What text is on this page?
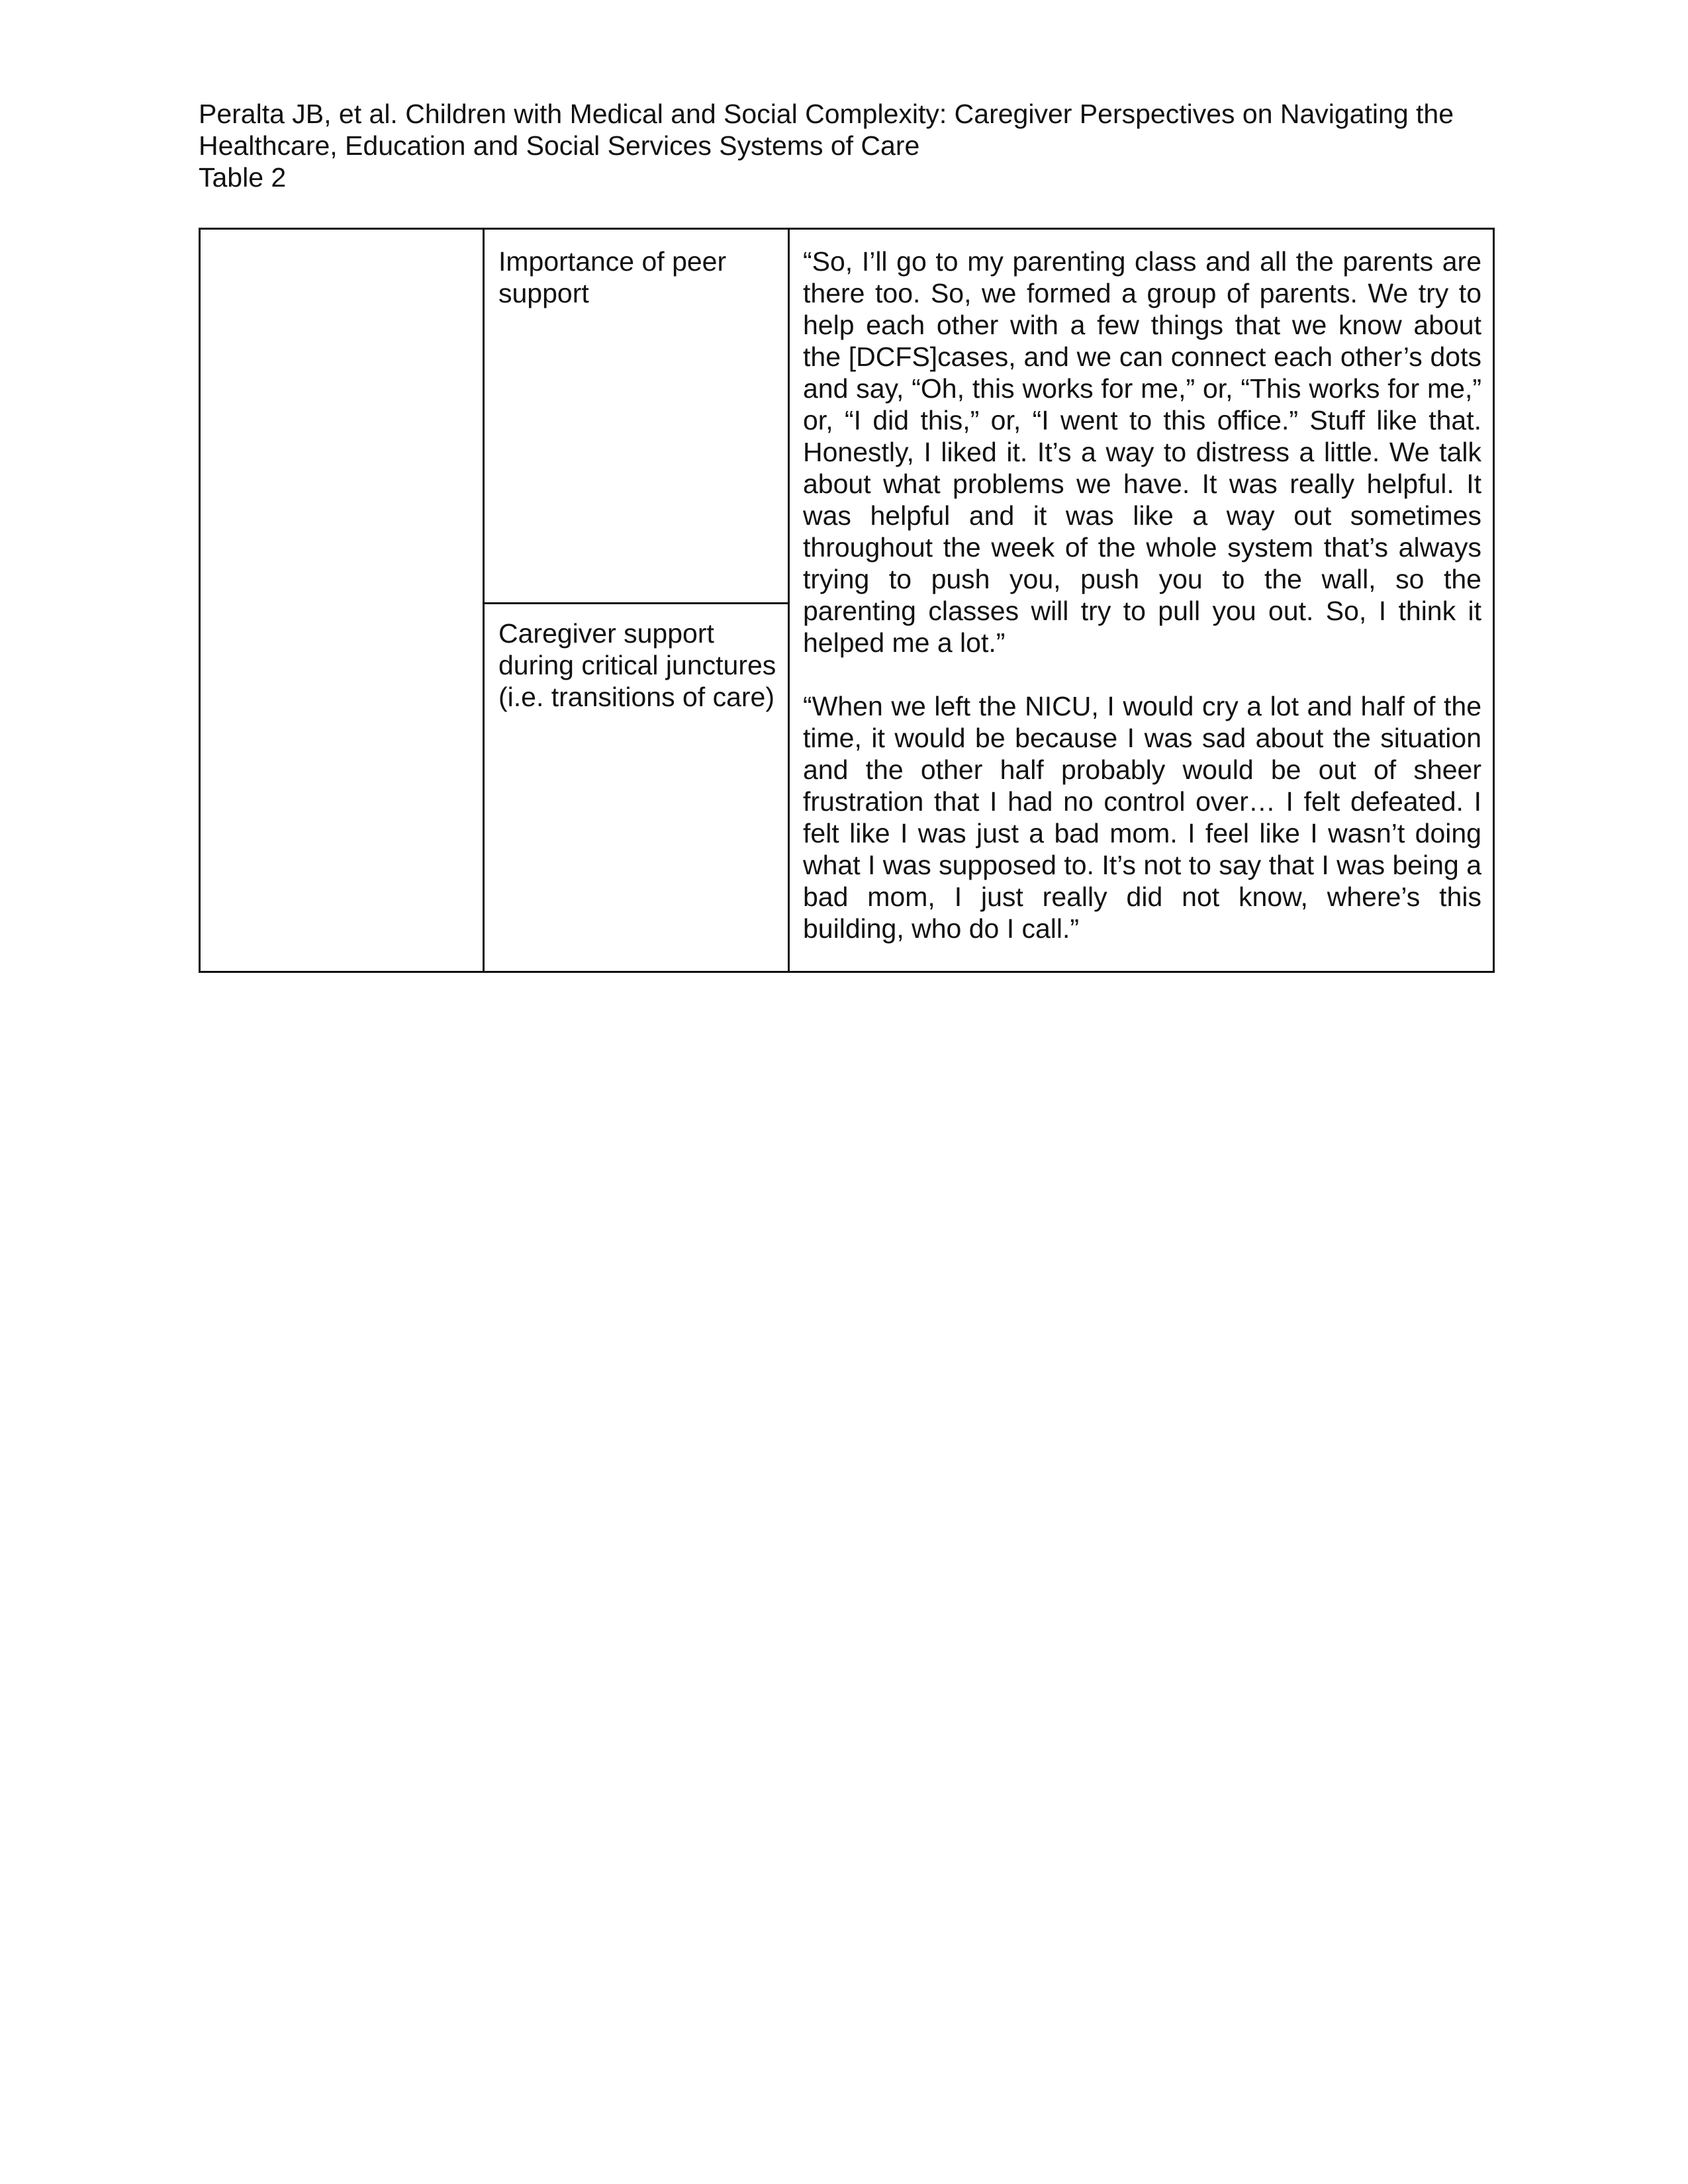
Peralta JB, et al. Children with Medical and Social Complexity: Caregiver Perspectives on Navigating the
Healthcare, Education and Social Services Systems of Care
Table 2
Importance of peer support
Caregiver support during critical junctures (i.e. transitions of care)

“So, I’ll go to my parenting class and all the parents are there too. So, we formed a group of parents. We try to help each other with a few things that we know about the [DCFS]cases, and we can connect each other’s dots and say, “Oh, this works for me,” or, “This works for me,” or, “I did this,” or, “I went to this office.” Stuff like that. Honestly, I liked it. It’s a way to distress a little. We talk about what problems we have. It was really helpful. It was helpful and it was like a way out sometimes throughout the week of the whole system that’s always trying to push you, push you to the wall, so the parenting classes will try to pull you out. So, I think it helped me a lot.”

“When we left the NICU, I would cry a lot and half of the time, it would be because I was sad about the situation and the other half probably would be out of sheer frustration that I had no control over… I felt defeated. I felt like I was just a bad mom. I feel like I wasn’t doing what I was supposed to. It’s not to say that I was being a bad mom, I just really did not know, where’s this building, who do I call.”
